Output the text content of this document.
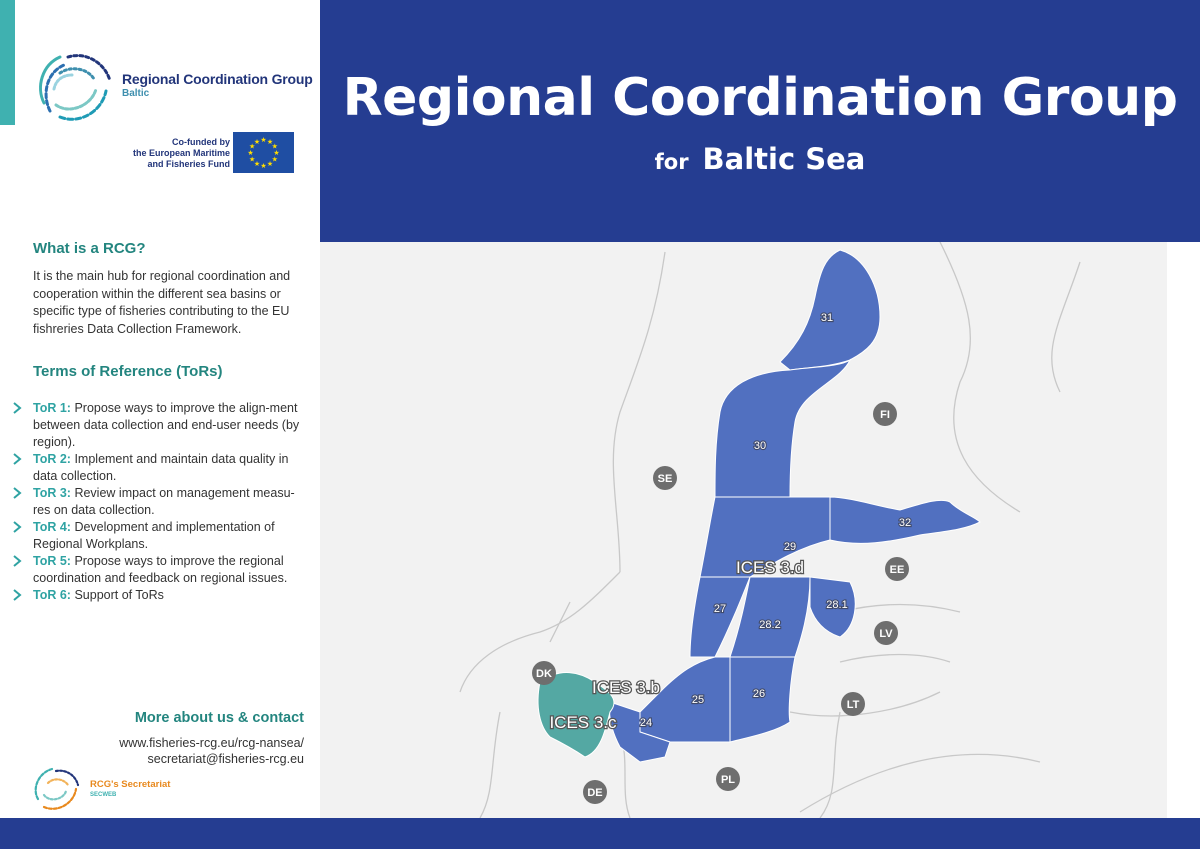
Regional Coordination Group
Baltic
Co-funded by
the European Maritime
and Fisheries Fund
★ ★
★
★
★
★
★
★
★
★
★
★
Regional Coordination Group
for Baltic Sea
What is a RCG?
It is the main hub for regional coordination and cooperation within the different sea basins or specific type of fisheries contributing to the EU fishreries Data Collection Framework.
Terms of Reference (ToRs)
ToR 1: Propose ways to improve the align-ment between data collection and end-user needs (by region).
ToR 2: Implement and maintain data quality in data collection.
ToR 3: Review impact on management measu-res on data collection.
ToR 4: Development and implementation of Regional Workplans.
ToR 5: Propose ways to improve the regional coordination and feedback on regional issues.
ToR 6: Support of ToRs
More about us & contact
www.fisheries-rcg.eu/rcg-nansea/
secretariat@fisheries-rcg.eu
RCG's Secretariat
SECWEB
31
30
32
29
27
28.2
28.1
25	26
24
ICES 3.d
ICES 3.b
ICES 3.c
FI
SE
EE
LV
DK
LT
DE
PL
